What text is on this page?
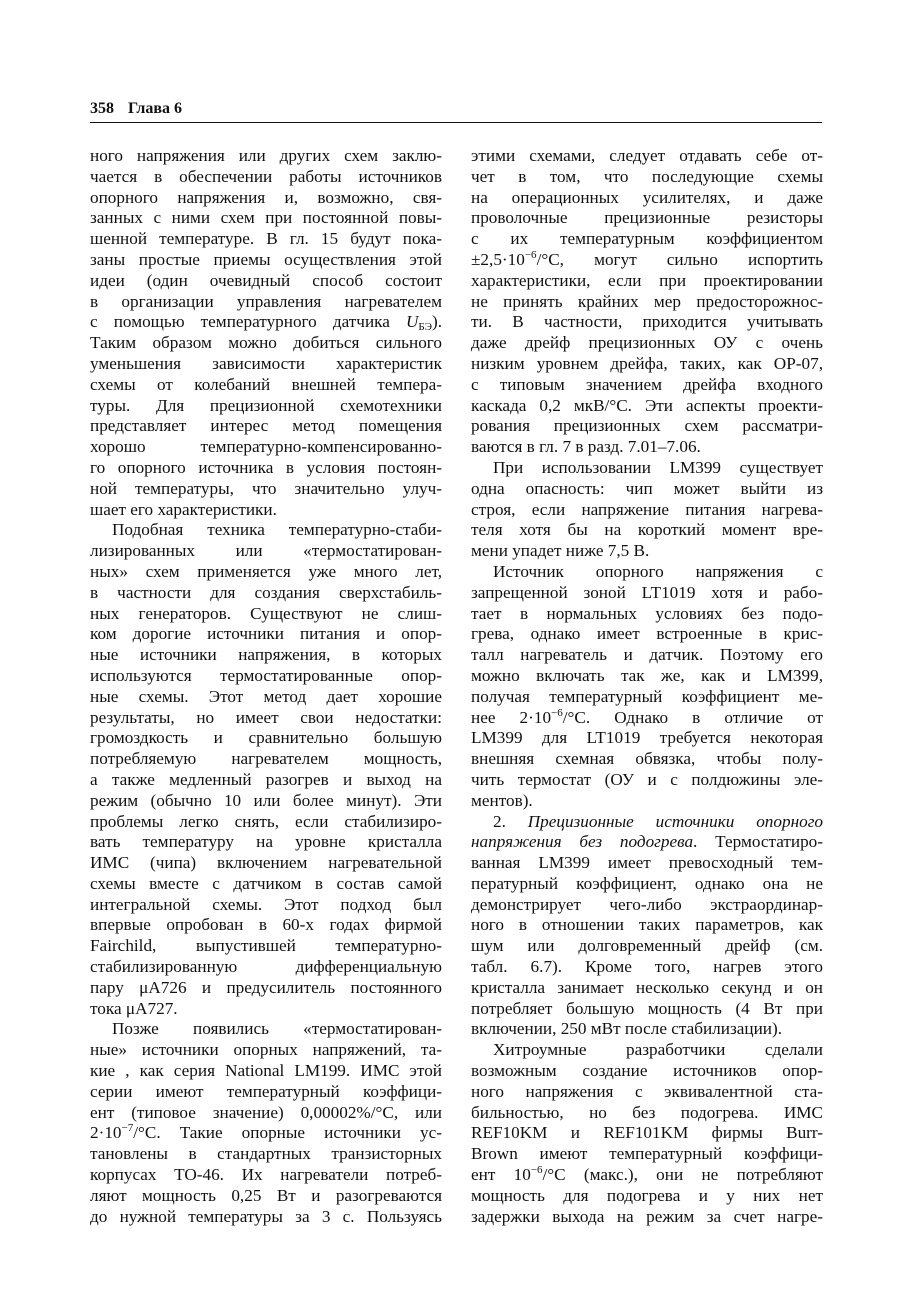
358 Глава 6
ного напряжения или других схем заклю-
чается в обеспечении работы источников
опорного напряжения и, возможно, свя-
занных с ними схем при постоянной повы-
шенной температуре. В гл. 15 будут пока-
заны простые приемы осуществления этой
идеи (один очевидный способ состоит
в организации управления нагревателем
с помощью температурного датчика $U_{БЭ}$).
Таким образом можно добиться сильного
уменьшения зависимости характеристик
схемы от колебаний внешней темпера-
туры. Для прецизионной схемотехники
представляет интерес метод помещения
хорошо температурно-компенсированно-
го опорного источника в условия постоян-
ной температуры, что значительно улуч-
шает его характеристики.
Подобная техника температурно-стаби-
лизированных или «термостатирован-
ных» схем применяется уже много лет,
в частности для создания сверхстабиль-
ных генераторов. Существуют не слиш-
ком дорогие источники питания и опор-
ные источники напряжения, в которых
используются термостатированные опор-
ные схемы. Этот метод дает хорошие
результаты, но имеет свои недостатки:
громоздкость и сравнительно большую
потребляемую нагревателем мощность,
а также медленный разогрев и выход на
режим (обычно 10 или более минут). Эти
проблемы легко снять, если стабилизиро-
вать температуру на уровне кристалла
ИМС (чипа) включением нагревательной
схемы вместе с датчиком в состав самой
интегральной схемы. Этот подход был
впервые опробован в 60-х годах фирмой
Fairchild, выпустившей температурно-
стабилизированную дифференциальную
пару μA726 и предусилитель постоянного
тока μA727.
Позже появились «термостатирован-
ные» источники опорных напряжений, та-
кие , как серия National LM199. ИМС этой
серии имеют температурный коэффици-
ент (типовое значение) 0,00002%/°C, или
$2\cdot 10^{-7}/^\circ C$. Такие опорные источники ус-
тановлены в стандартных транзисторных
корпусах TO-46. Их нагреватели потреб-
ляют мощность 0,25 Вт и разогреваются
до нужной температуры за 3 с. Пользуясь
этими схемами, следует отдавать себе от-
чет в том, что последующие схемы
на операционных усилителях, и даже
проволочные прецизионные резисторы
с их температурным коэффициентом
$\pm 2,5\cdot 10^{-6}/^\circ C$, могут сильно испортить
характеристики, если при проектировании
не принять крайних мер предосторожнос-
ти. В частности, приходится учитывать
даже дрейф прецизионных ОУ с очень
низким уровнем дрейфа, таких, как OP-07,
с типовым значением дрейфа входного
каскада 0,2 мкВ/°C. Эти аспекты проекти-
рования прецизионных схем рассматри-
ваются в гл. 7 в разд. 7.01–7.06.
При использовании LM399 существует
одна опасность: чип может выйти из
строя, если напряжение питания нагрева-
теля хотя бы на короткий момент вре-
мени упадет ниже 7,5 В.
Источник опорного напряжения с
запрещенной зоной LT1019 хотя и рабо-
тает в нормальных условиях без подо-
грева, однако имеет встроенные в крис-
талл нагреватель и датчик. Поэтому его
можно включать так же, как и LM399,
получая температурный коэффициент ме-
нее $2\cdot 10^{-6}/^\circ C$. Однако в отличие от
LM399 для LT1019 требуется некоторая
внешняя схемная обвязка, чтобы полу-
чить термостат (ОУ и с полдюжины эле-
ментов).
2. Прецизионные источники опорного
напряжения без подогрева. Термостатиро-
ванная LM399 имеет превосходный тем-
пературный коэффициент, однако она не
демонстрирует чего-либо экстраординар-
ного в отношении таких параметров, как
шум или долговременный дрейф (см.
табл. 6.7). Кроме того, нагрев этого
кристалла занимает несколько секунд и он
потребляет большую мощность (4 Вт при
включении, 250 мВт после стабилизации).
Хитроумные разработчики сделали
возможным создание источников опор-
ного напряжения с эквивалентной ста-
бильностью, но без подогрева. ИМС
REF10KM и REF101KM фирмы Burr-
Brown имеют температурный коэффици-
ент $10^{-6}/^\circ C$ (макс.), они не потребляют
мощность для подогрева и у них нет
задержки выхода на режим за счет нагре-
